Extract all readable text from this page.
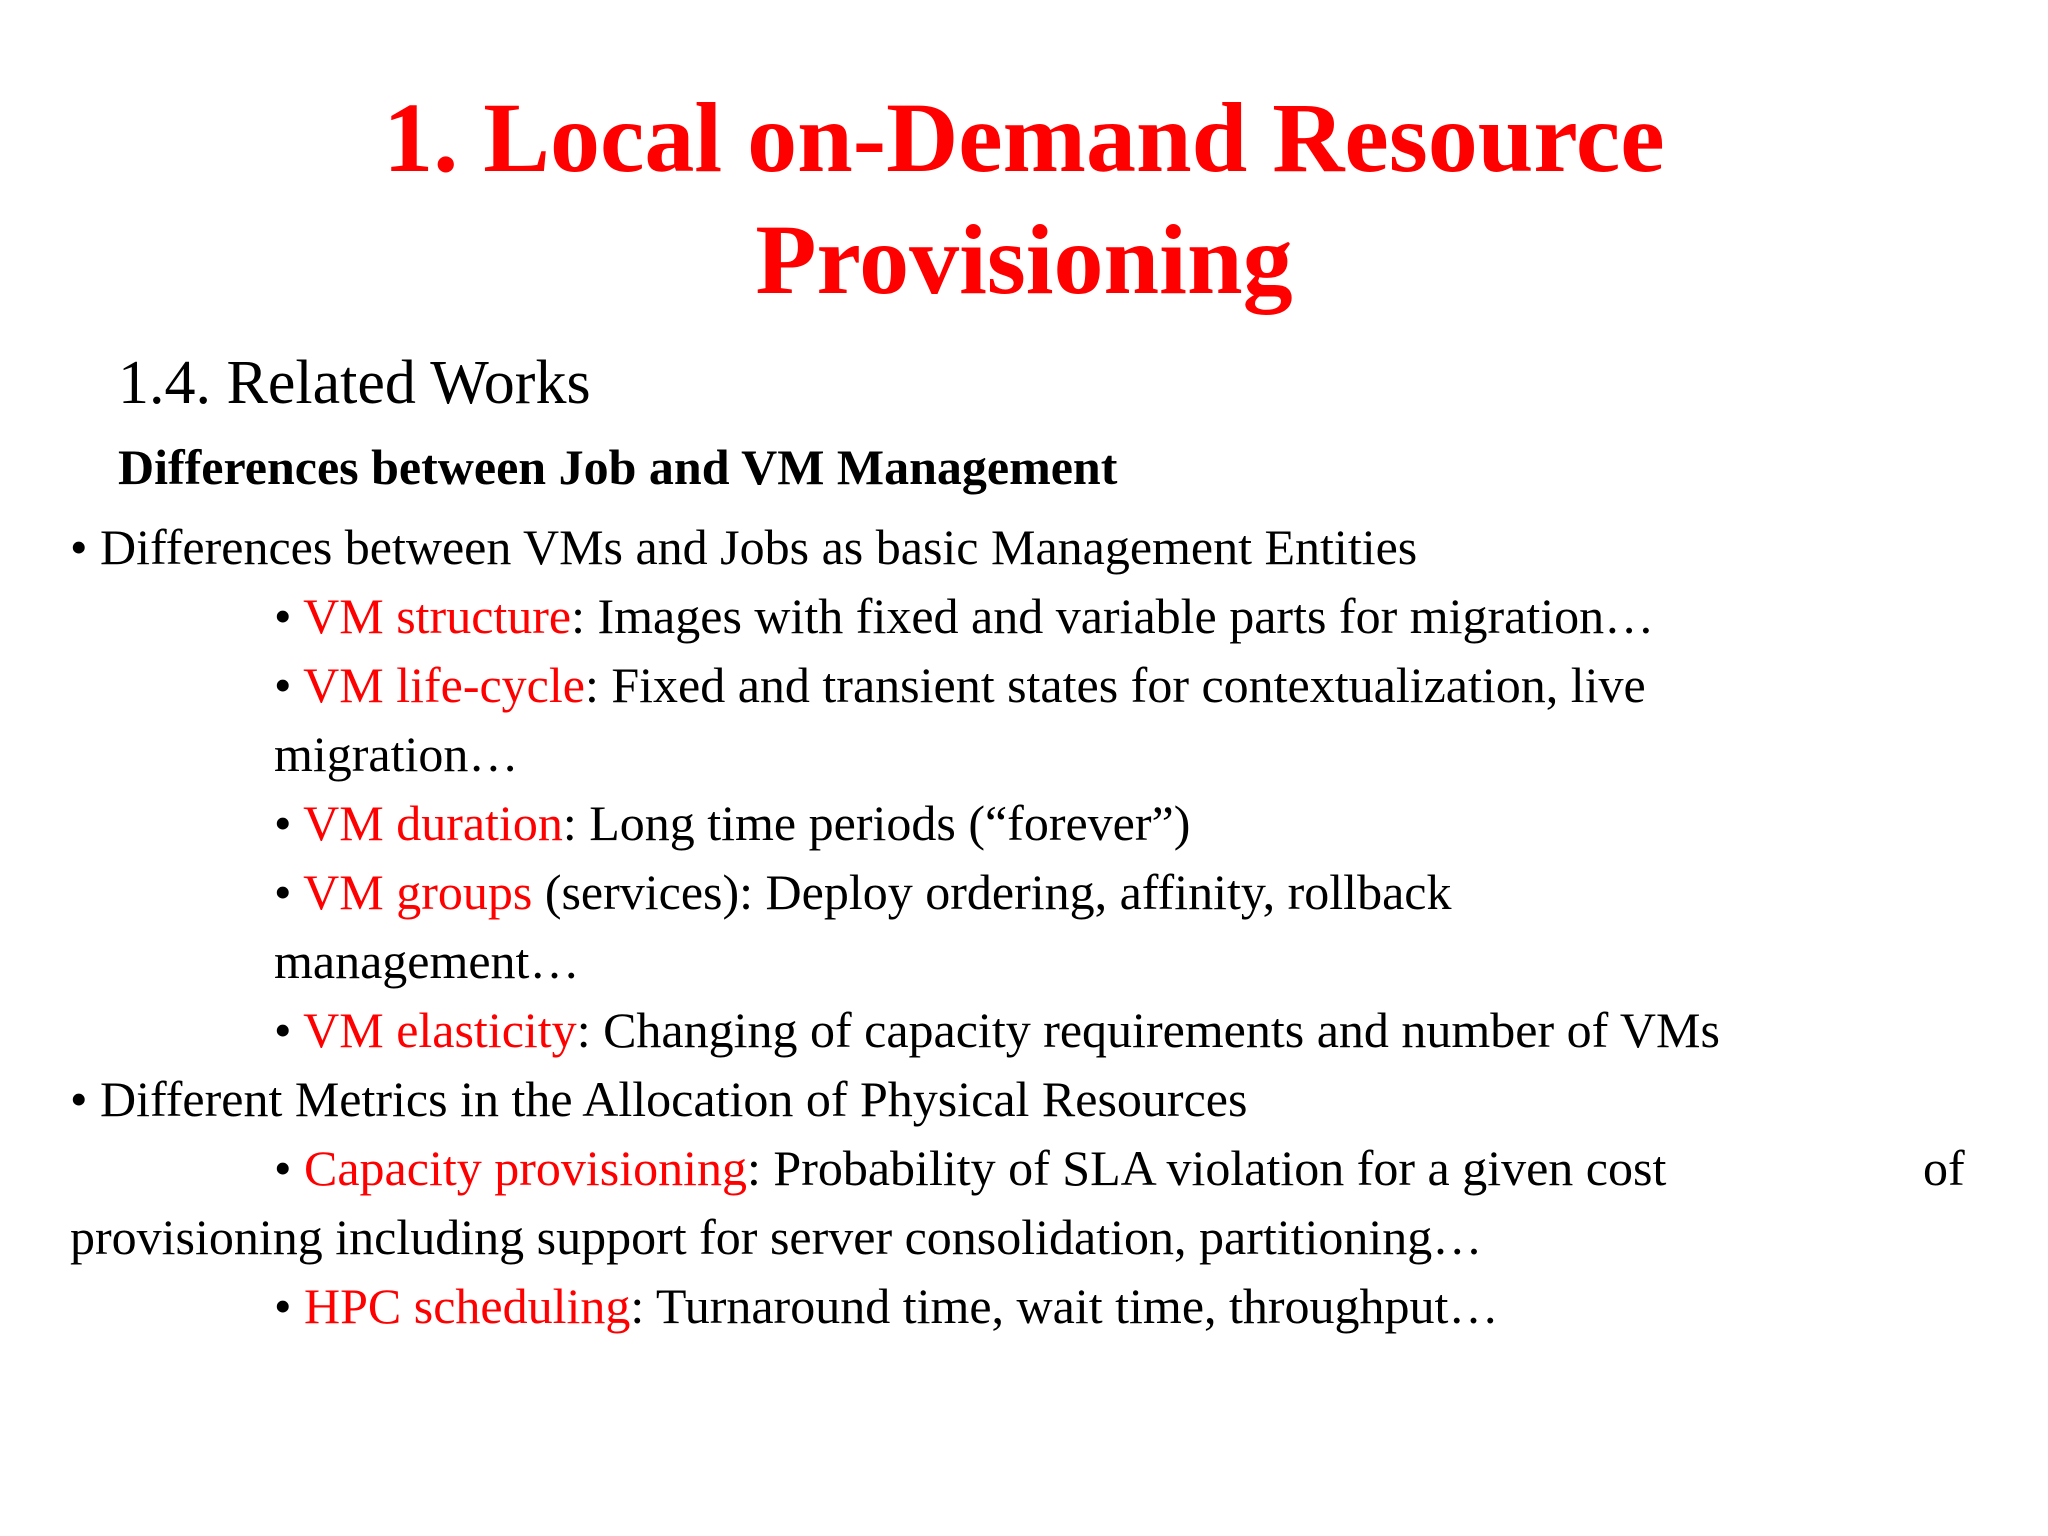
1. Local on-Demand Resource
Provisioning
1.4. Related Works
Differences between Job and VM Management

• Differences between VMs and Jobs as basic Management Entities

• VM structure: Images with fixed and variable parts for migration…

• VM life-cycle: Fixed and transient states for contextualization, live

migration…

• VM duration: Long time periods (“forever”)

• VM groups (services): Deploy ordering, affinity, rollback

management…

• VM elasticity: Changing of capacity requirements and number of VMs

• Different Metrics in the Allocation of Physical Resources

• Capacity provisioning: Probability of SLA violation for a given cost	of

provisioning including support for server consolidation, partitioning…

• HPC scheduling: Turnaround time, wait time, throughput…
